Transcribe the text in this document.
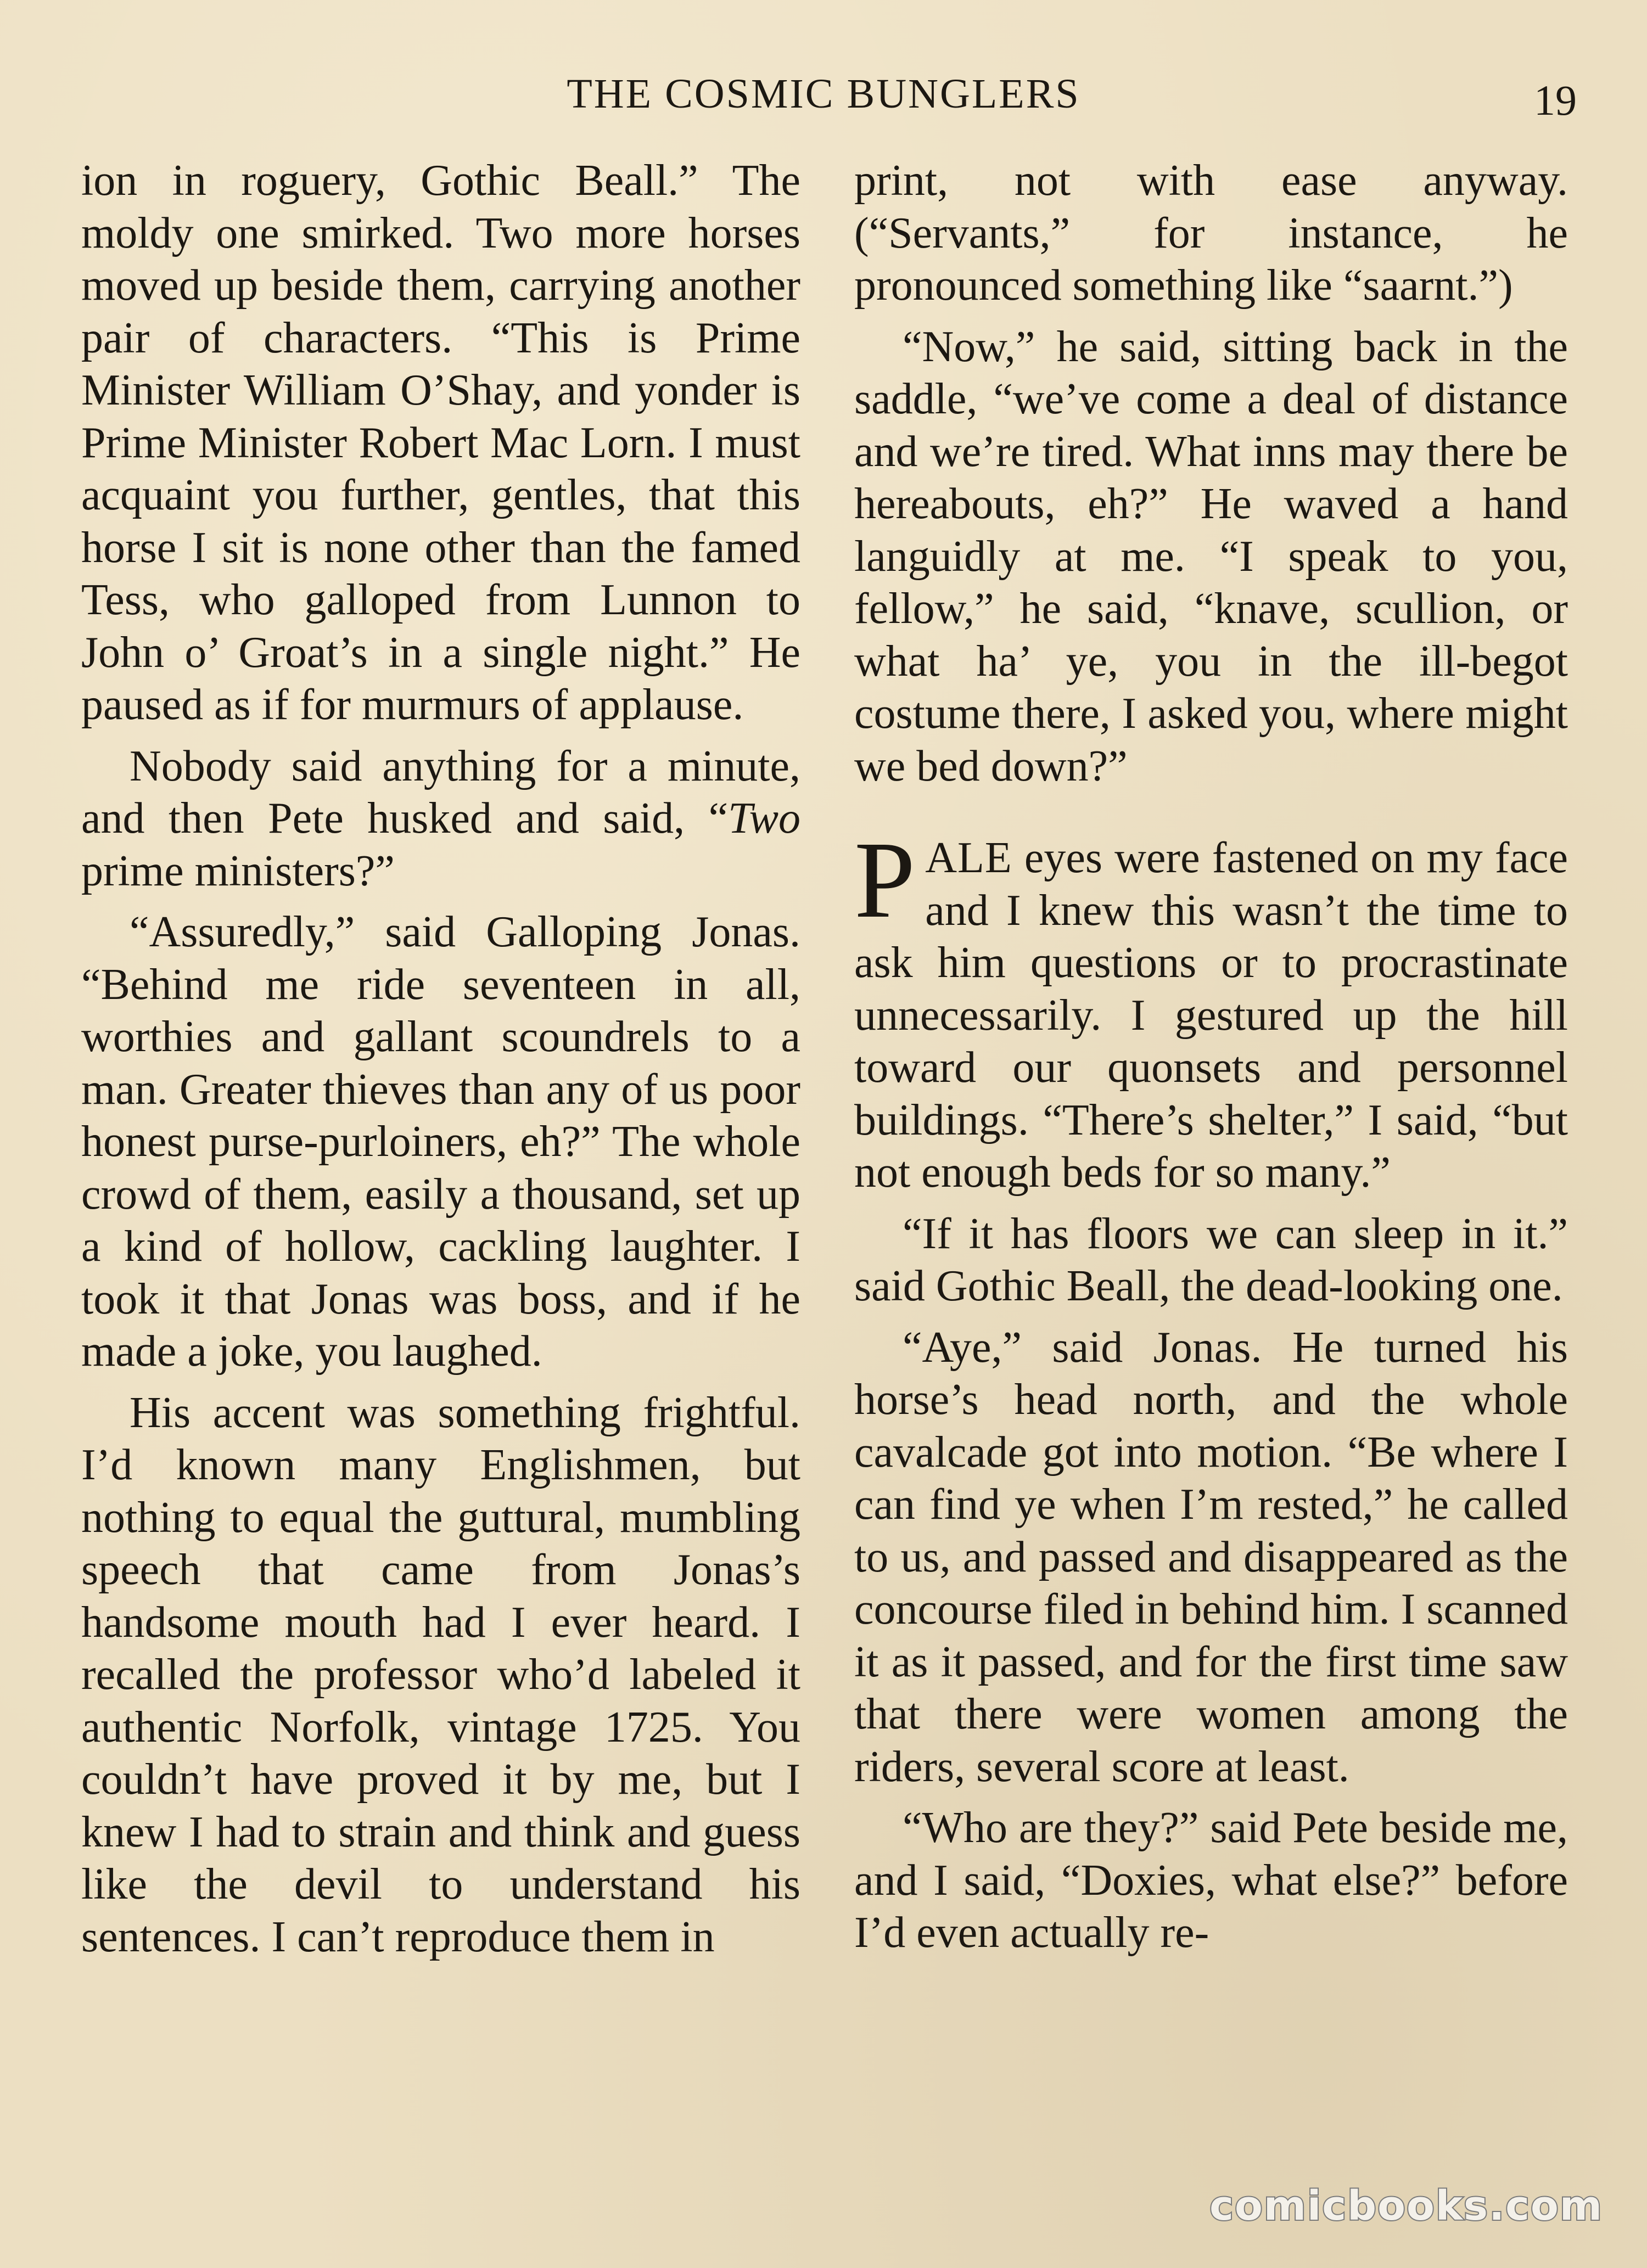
THE COSMIC BUNGLERS	19

ion in roguery, Gothic Beall.” The moldy one smirked. Two more horses moved up beside them, carrying another pair of characters. “This is Prime Minister William O’Shay, and yonder is Prime Minister Robert Mac Lorn. I must acquaint you further, gentles, that this horse I sit is none other than the famed Tess, who galloped from Lunnon to John o’ Groat’s in a single night.” He paused as if for murmurs of applause.

Nobody said anything for a minute, and then Pete husked and said, “Two prime ministers?”

“Assuredly,” said Galloping Jonas. “Behind me ride seventeen in all, worthies and gallant scoundrels to a man. Greater thieves than any of us poor honest purse-purloiners, eh?” The whole crowd of them, easily a thousand, set up a kind of hollow, cackling laughter. I took it that Jonas was boss, and if he made a joke, you laughed.

His accent was something frightful. I’d known many Englishmen, but nothing to equal the guttural, mumbling speech that came from Jonas’s handsome mouth had I ever heard. I recalled the professor who’d labeled it authentic Norfolk, vintage 1725. You couldn’t have proved it by me, but I knew I had to strain and think and guess like the devil to understand his sentences. I can’t reproduce them in

print, not with ease anyway. (“Servants,” for instance, he pronounced something like “saarnt.”)

“Now,” he said, sitting back in the saddle, “we’ve come a deal of distance and we’re tired. What inns may there be hereabouts, eh?” He waved a hand languidly at me. “I speak to you, fellow,” he said, “knave, scullion, or what ha’ ye, you in the ill-begot costume there, I asked you, where might we bed down?”

PALE eyes were fastened on my face and I knew this wasn’t the time to ask him questions or to procrastinate unnecessarily. I gestured up the hill toward our quonsets and personnel buildings. “There’s shelter,” I said, “but not enough beds for so many.”

“If it has floors we can sleep in it.” said Gothic Beall, the dead-looking one.

“Aye,” said Jonas. He turned his horse’s head north, and the whole cavalcade got into motion. “Be where I can find ye when I’m rested,” he called to us, and passed and disappeared as the concourse filed in behind him. I scanned it as it passed, and for the first time saw that there were women among the riders, several score at least.

“Who are they?” said Pete beside me, and I said, “Doxies, what else?” before I’d even actually re-

comicbooks.com
